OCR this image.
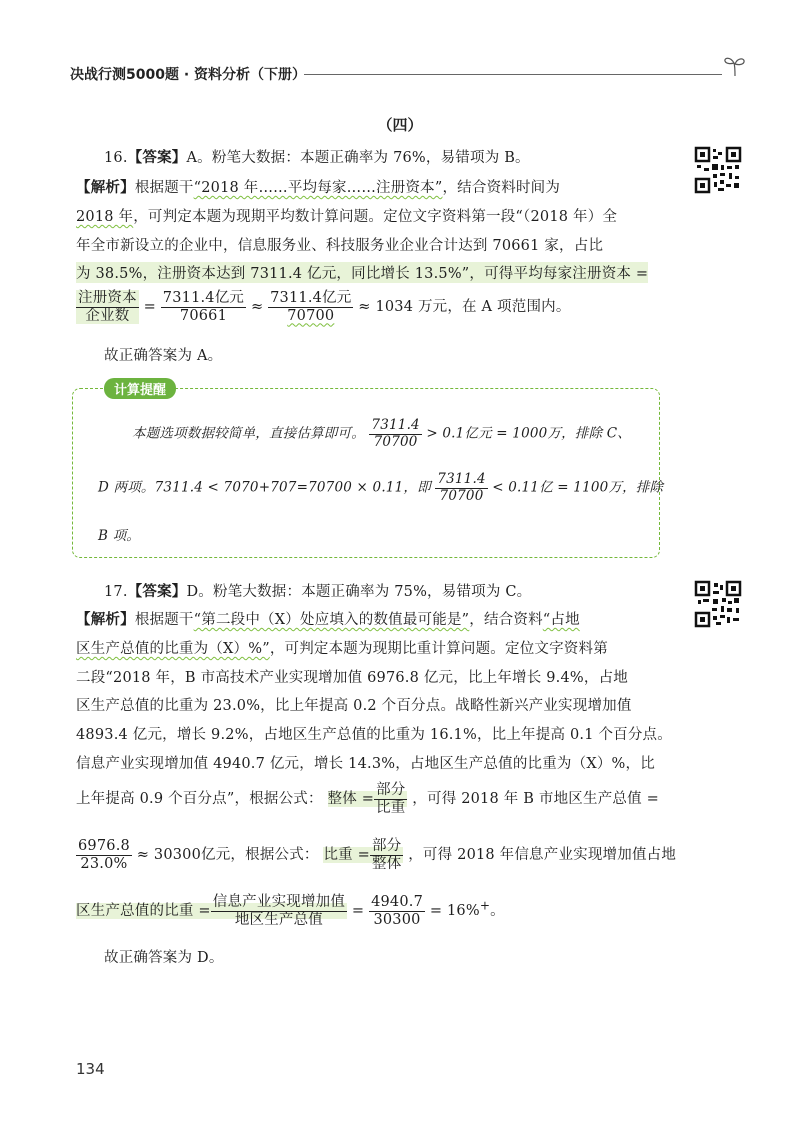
决战行测5000题 · 资料分析（下册）
（四）
16.【答案】A。粉笔大数据：本题正确率为 76%，易错项为 B。
【解析】根据题干“2018 年……平均每家……注册资本”，结合资料时间为
2018 年，可判定本题为现期平均数计算问题。定位文字资料第一段“（2018 年）全
年全市新设立的企业中，信息服务业、科技服务业企业合计达到 70661 家，占比
为 38.5%，注册资本达到 7311.4 亿元，同比增长 13.5%”，可得平均每家注册资本 =
$\frac{\text{注册资本}}{\text{企业数}} = \frac{\text{7311.4亿元}}{70661} \approx \frac{\text{7311.4亿元}}{70700} \approx 1034$ 万元，在 A 项范围内。
故正确答案为 A。
计算提醒
本题选项数据较简单，直接估算即可。 $\frac{7311.4}{70700} > 0.1$亿元 = 1000万，排除 C、
D 两项。7311.4 < 7070+707=70700 × 0.11，即 $\frac{7311.4}{70700} < 0.11$亿 = 1100万，排除
B 项。
17.【答案】D。粉笔大数据：本题正确率为 75%，易错项为 C。
【解析】根据题干“第二段中（X）处应填入的数值最可能是”，结合资料“占地
区生产总值的比重为（X）%”，可判定本题为现期比重计算问题。定位文字资料第
二段“2018 年，B 市高技术产业实现增加值 6976.8 亿元，比上年增长 9.4%，占地
区生产总值的比重为 23.0%，比上年提高 0.2 个百分点。战略性新兴产业实现增加值
4893.4 亿元，增长 9.2%，占地区生产总值的比重为 16.1%，比上年提高 0.1 个百分点。
信息产业实现增加值 4940.7 亿元，增长 14.3%，占地区生产总值的比重为（X）%，比
上年提高 0.9 个百分点”，根据公式： 整体 = $\frac{\text{部分}}{\text{比重}}$ ，可得 2018 年 B 市地区生产总值 =
$\frac{6976.8}{23.0\%} \approx 30300$亿元，根据公式： 比重 = $\frac{\text{部分}}{\text{整体}}$ ，可得 2018 年信息产业实现增加值占地
区生产总值的比重 = $\frac{\text{信息产业实现增加值}}{\text{地区生产总值}} = \frac{4940.7}{30300} = 16\%^+$。
故正确答案为 D。
134
